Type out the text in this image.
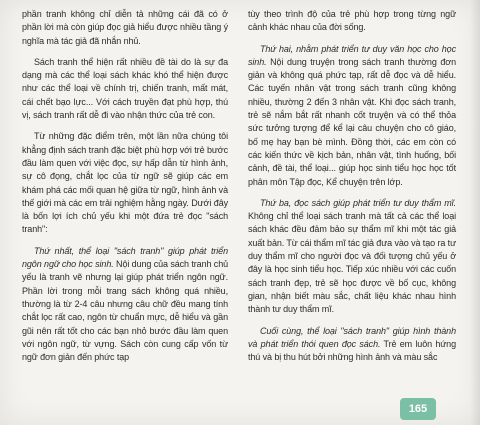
phần tranh không chỉ diễn tả những cái đã có ở phần lời mà còn giúp đọc giả hiểu được nhiều tầng ý nghĩa mà tác giả đã nhắn nhủ.

Sách tranh thể hiện rất nhiều đề tài do là sự đa dạng mà các thể loại sách khác khó thể hiện được như các thể loại về chính trị, chiến tranh, mất mát, cái chết bạo lực... Với cách truyền đạt phù hợp, thú vị, sách tranh rất dễ đi vào nhận thức của trẻ con.

Từ những đặc điểm trên, một lần nữa chúng tôi khẳng định sách tranh đặc biệt phù hợp với trẻ bước đầu làm quen với việc đọc, sự hấp dẫn từ hình ảnh, sự cô đọng, chắt lọc của từ ngữ sẽ giúp các em khám phá các mối quan hệ giữa từ ngữ, hình ảnh và thế giới mà các em trải nghiệm hằng ngày. Dưới đây là bốn lợi ích chủ yếu khi một đứa trẻ đọc "sách tranh":

Thứ nhất, thể loại "sách tranh" giúp phát triển ngôn ngữ cho học sinh. Nội dung của sách tranh chủ yếu là tranh vẽ nhưng lại giúp phát triển ngôn ngữ. Phần lời trong mỗi trang sách không quá nhiều, thường là từ 2-4 câu nhưng câu chữ đều mang tính chắt lọc rất cao, ngôn từ chuẩn mực, dễ hiểu và gần gũi nên rất tốt cho các bạn nhỏ bước đầu làm quen với ngôn ngữ, từ vựng. Sách còn cung cấp vốn từ ngữ đơn giản đến phức tạp

tùy theo trình độ của trẻ phù hợp trong từng ngữ cảnh khác nhau của đời sống.

Thứ hai, nhằm phát triển tư duy văn học cho học sinh. Nội dung truyện trong sách tranh thường đơn giản và không quá phức tạp, rất dễ đọc và dễ hiểu. Các tuyến nhân vật trong sách tranh cũng không nhiều, thường 2 đến 3 nhân vật. Khi đọc sách tranh, trẻ sẽ nắm bắt rất nhanh cốt truyện và có thể thỏa sức tưởng tượng để kể lại câu chuyện cho cô giáo, bố mẹ hay bạn bè mình. Đồng thời, các em còn có các kiến thức về kịch bản, nhân vật, tình huống, bối cảnh, đề tài, thể loại... giúp học sinh tiểu học học tốt phân môn Tập đọc, Kể chuyện trên lớp.

Thứ ba, đọc sách giúp phát triển tư duy thẩm mĩ. Không chỉ thể loại sách tranh mà tất cả các thể loại sách khác đều đảm bảo sự thẩm mĩ khi một tác giả xuất bản. Từ cái thẩm mĩ tác giả đưa vào và tạo ra tư duy thẩm mĩ cho người đọc và đối tượng chủ yếu ở đây là học sinh tiểu học. Tiếp xúc nhiều với các cuốn sách tranh đẹp, trẻ sẽ học được về bố cục, không gian, nhận biết màu sắc, chất liệu khác nhau hình thành tư duy thẩm mĩ.

Cuối cùng, thể loại "sách tranh" giúp hình thành và phát triển thói quen đọc sách. Trẻ em luôn hứng thú và bị thu hút bởi những hình ảnh và màu sắc

165
